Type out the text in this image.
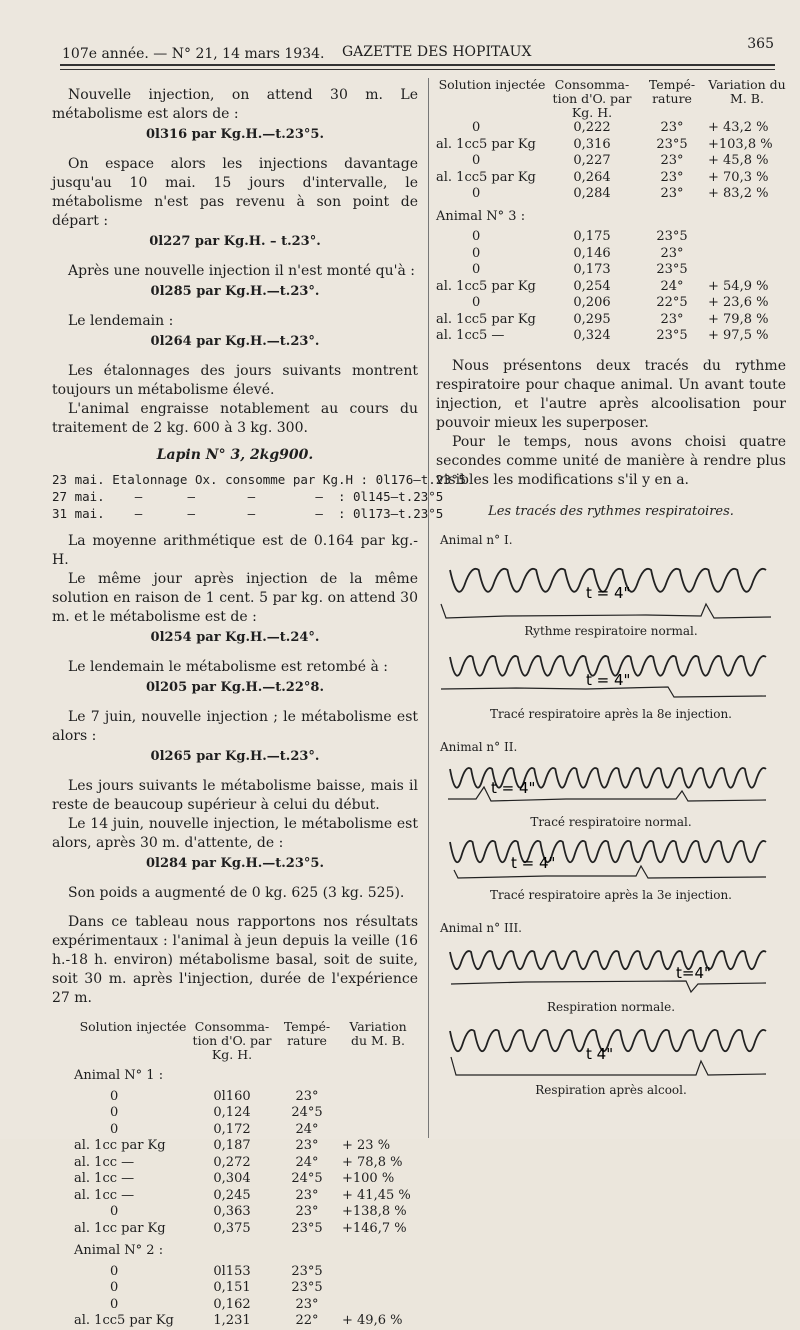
107e année. — N° 21, 14 mars 1934. GAZETTE DES HOPITAUX	365

Nouvelle injection, on attend 30 m. Le métabolisme est alors de :

0l316 par Kg.H.—t.23°5.

On espace alors les injections davantage jusqu'au 10 mai. 15 jours d'intervalle, le métabolisme n'est pas revenu à son point de départ :

0l227 par Kg.H. – t.23°.

Après une nouvelle injection il n'est monté qu'à :

0l285 par Kg.H.—t.23°.

Le lendemain :

0l264 par Kg.H.—t.23°.

Les étalonnages des jours suivants montrent toujours un métabolisme élevé.

L'animal engraisse notablement au cours du traitement de 2 kg. 600 à 3 kg. 300.

Lapin N° 3, 2kg900.
23 mai. Etalonnage Ox. consomme par Kg.H : 0l176—t.23°5
27 mai.    —      —       —        —  : 0l145—t.23°5
31 mai.    —      —       —        —  : 0l173—t.23°5

La moyenne arithmétique est de 0.164 par kg.-H.

Le même jour après injection de la même solution en raison de 1 cent. 5 par kg. on attend 30 m. et le métabolisme est de :

0l254 par Kg.H.—t.24°.

Le lendemain le métabolisme est retombé à :

0l205 par Kg.H.—t.22°8.

Le 7 juin, nouvelle injection ; le métabolisme est alors :

0l265 par Kg.H.—t.23°.

Les jours suivants le métabolisme baisse, mais il reste de beaucoup supérieur à celui du début.

Le 14 juin, nouvelle injection, le métabolisme est alors, après 30 m. d'attente, de :

0l284 par Kg.H.—t.23°5.

Son poids a augmenté de 0 kg. 625 (3 kg. 525).

Dans ce tableau nous rapportons nos résultats expérimentaux : l'animal à jeun depuis la veille (16 h.-18 h. environ) métabolisme basal, soit de suite, soit 30 m. après l'injection, durée de l'expérience 27 m.

Solution injectée	Consomma-tion d'O. par Kg. H.	Tempé-rature	Variation du M. B.
Animal N° 1 :			
0	0l160	23°	
0	0,124	24°5	
0	0,172	24°	
al. 1cc par Kg	0,187	23°	+ 23 %
al. 1cc —	0,272	24°	+ 78,8 %
al. 1cc —	0,304	24°5	+100 %
al. 1cc —	0,245	23°	+ 41,45 %
0	0,363	23°	+138,8 %
al. 1cc par Kg	0,375	23°5	+146,7 %
Animal N° 2 :			
0	0l153	23°5	
0	0,151	23°5	
0	0,162	23°	
al. 1cc5 par Kg	1,231	22°	+ 49,6 %
Solution injectée	Consomma-tion d'O. par Kg. H.	Tempé-rature	Variation du M. B.
0	0,222	23°	+ 43,2 %
al. 1cc5 par Kg	0,316	23°5	+103,8 %
0	0,227	23°	+ 45,8 %
al. 1cc5 par Kg	0,264	23°	+ 70,3 %
0	0,284	23°	+ 83,2 %
Animal N° 3 :			
0	0,175	23°5	
0	0,146	23°	
0	0,173	23°5	
al. 1cc5 par Kg	0,254	24°	+ 54,9 %
0	0,206	22°5	+ 23,6 %
al. 1cc5 par Kg	0,295	23°	+ 79,8 %
al. 1cc5 —	0,324	23°5	+ 97,5 %

Nous présentons deux tracés du rythme respiratoire pour chaque animal. Un avant toute injection, et l'autre après alcoolisation pour pouvoir mieux les superposer.

Pour le temps, nous avons choisi quatre secondes comme unité de manière à rendre plus visibles les modifications s'il y en a.

Les tracés des rythmes respiratoires.
Animal n° I.
t = 4"
Rythme respiratoire normal.
t = 4"
Tracé respiratoire après la 8e injection.
Animal n° II.
t = 4"
Tracé respiratoire normal.
t = 4"
Tracé respiratoire après la 3e injection.
Animal n° III.
t=4"
Respiration normale.
t 4"
Respiration après alcool.
